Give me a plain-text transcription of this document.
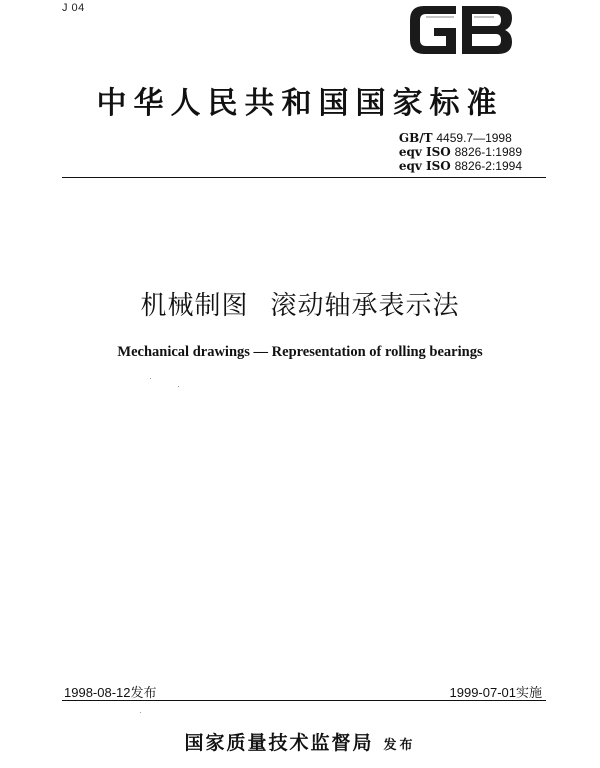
J 04
中华人民共和国国家标准
GB/T 4459.7—1998
eqv ISO 8826-1:1989
eqv ISO 8826-2:1994
机械制图 滚动轴承表示法
Mechanical drawings — Representation of rolling bearings
1998-08-12发布	1999-07-01实施
国家质量技术监督局 发布
